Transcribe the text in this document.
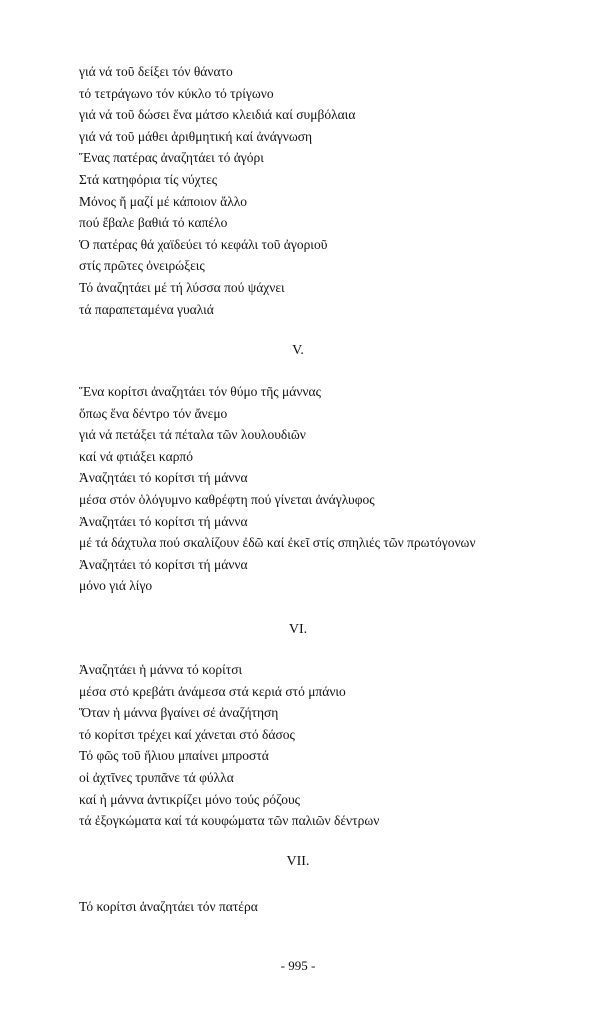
γιά νά τοῦ δείξει τόν θάνατο
τό τετράγωνο τόν κύκλο τό τρίγωνο
γιά νά τοῦ δώσει ἕνα μάτσο κλειδιά καί συμβόλαια
γιά νά τοῦ μάθει ἀριθμητική καί ἀνάγνωση
Ἕνας πατέρας ἀναζητάει τό ἀγόρι
Στά κατηφόρια τίς νύχτες
Μόνος ἤ μαζί μέ κάποιον ἄλλο
πού ἔβαλε βαθιά τό καπέλο
Ὁ πατέρας θά χαϊδεύει τό κεφάλι τοῦ ἀγοριοῦ
στίς πρῶτες ὀνειρώξεις
Τό ἀναζητάει μέ τή λύσσα πού ψάχνει
τά παραπεταμένα γυαλιά
V.
Ἕνα κορίτσι ἀναζητάει τόν θύμο τῆς μάννας
ὅπως ἕνα δέντρο τόν ἄνεμο
γιά νά πετάξει τά πέταλα τῶν λουλουδιῶν
καί νά φτιάξει καρπό
Ἀναζητάει τό κορίτσι τή μάννα
μέσα στόν ὁλόγυμνο καθρέφτη πού γίνεται ἀνάγλυφος
Ἀναζητάει τό κορίτσι τή μάννα
μέ τά δάχτυλα πού σκαλίζουν ἐδῶ καί ἐκεῖ στίς σπηλιές τῶν πρωτόγονων
Ἀναζητάει τό κορίτσι τή μάννα
μόνο γιά λίγο
VI.
Ἀναζητάει ἡ μάννα τό κορίτσι
μέσα στό κρεβάτι ἀνάμεσα στά κεριά στό μπάνιο
Ὅταν ἡ μάννα βγαίνει σέ ἀναζήτηση
τό κορίτσι τρέχει καί χάνεται στό δάσος
Τό φῶς τοῦ ἥλιου μπαίνει μπροστά
οἱ ἀχτῖνες τρυπᾶνε τά φύλλα
καί ἡ μάννα ἀντικρίζει μόνο τούς ρόζους
τά ἐξογκώματα καί τά κουφώματα τῶν παλιῶν δέντρων
VII.
Τό κορίτσι ἀναζητάει τόν πατέρα
- 995 -
